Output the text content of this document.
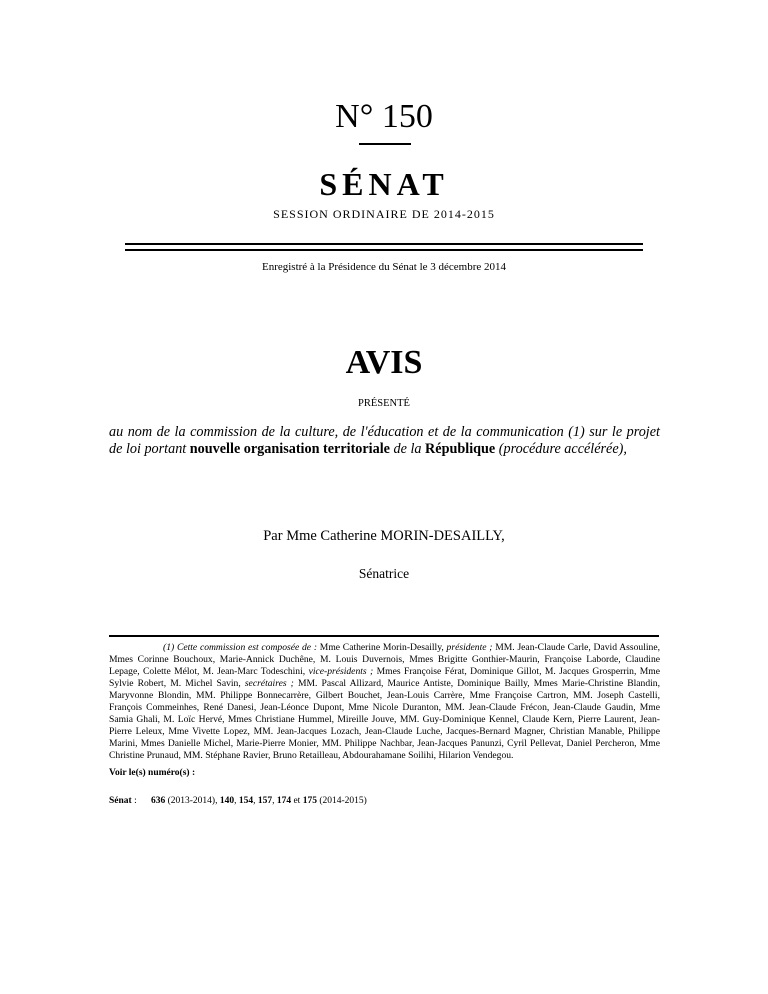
N° 150
SÉNAT
SESSION ORDINAIRE DE 2014-2015
Enregistré à la Présidence du Sénat le 3 décembre 2014
AVIS
PRÉSENTÉ
au nom de la commission de la culture, de l'éducation et de la communication (1) sur le projet de loi portant nouvelle organisation territoriale de la République (procédure accélérée),
Par Mme Catherine MORIN-DESAILLY,
Sénatrice
(1) Cette commission est composée de : Mme Catherine Morin-Desailly, présidente ; MM. Jean-Claude Carle, David Assouline, Mmes Corinne Bouchoux, Marie-Annick Duchêne, M. Louis Duvernois, Mmes Brigitte Gonthier-Maurin, Françoise Laborde, Claudine Lepage, Colette Mélot, M. Jean-Marc Todeschini, vice-présidents ; Mmes Françoise Férat, Dominique Gillot, M. Jacques Grosperrin, Mme Sylvie Robert, M. Michel Savin, secrétaires ; MM. Pascal Allizard, Maurice Antiste, Dominique Bailly, Mmes Marie-Christine Blandin, Maryvonne Blondin, MM. Philippe Bonnecarrère, Gilbert Bouchet, Jean-Louis Carrère, Mme Françoise Cartron, MM. Joseph Castelli, François Commeinhes, René Danesi, Jean-Léonce Dupont, Mme Nicole Duranton, MM. Jean-Claude Frécon, Jean-Claude Gaudin, Mme Samia Ghali, M. Loïc Hervé, Mmes Christiane Hummel, Mireille Jouve, MM. Guy-Dominique Kennel, Claude Kern, Pierre Laurent, Jean-Pierre Leleux, Mme Vivette Lopez, MM. Jean-Jacques Lozach, Jean-Claude Luche, Jacques-Bernard Magner, Christian Manable, Philippe Marini, Mmes Danielle Michel, Marie-Pierre Monier, MM. Philippe Nachbar, Jean-Jacques Panunzi, Cyril Pellevat, Daniel Percheron, Mme Christine Prunaud, MM. Stéphane Ravier, Bruno Retailleau, Abdourahamane Soilihi, Hilarion Vendegou.
Voir le(s) numéro(s) :
Sénat :      636 (2013-2014), 140, 154, 157, 174 et 175 (2014-2015)
